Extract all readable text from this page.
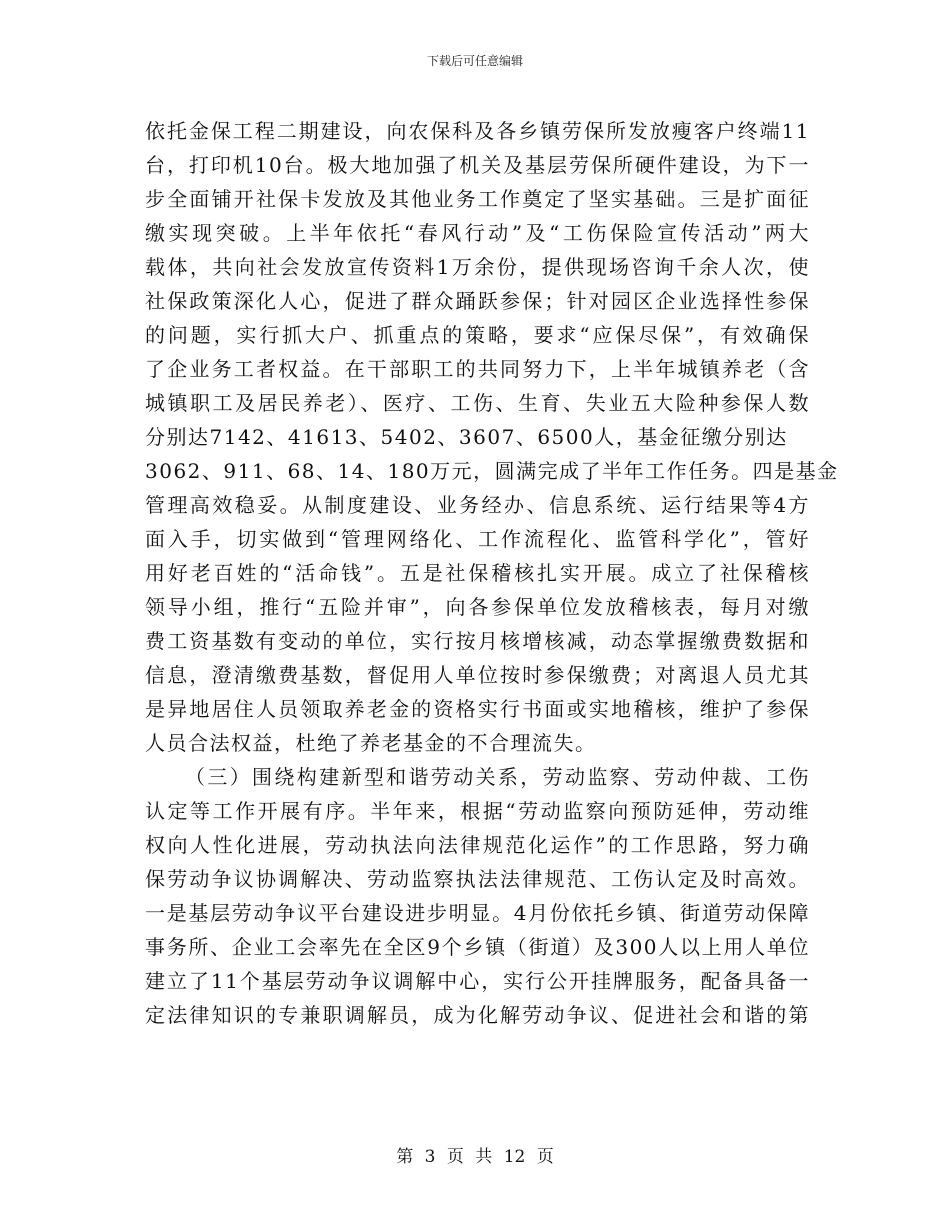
下载后可任意编辑
依托金保工程二期建设，向农保科及各乡镇劳保所发放瘦客户终端11
台，打印机10台。极大地加强了机关及基层劳保所硬件建设，为下一
步全面铺开社保卡发放及其他业务工作奠定了坚实基础。三是扩面征
缴实现突破。上半年依托“春风行动”及“工伤保险宣传活动”两大
载体，共向社会发放宣传资料1万余份，提供现场咨询千余人次，使
社保政策深化人心，促进了群众踊跃参保；针对园区企业选择性参保
的问题，实行抓大户、抓重点的策略，要求“应保尽保”，有效确保
了企业务工者权益。在干部职工的共同努力下，上半年城镇养老（含
城镇职工及居民养老）、医疗、工伤、生育、失业五大险种参保人数
分别达7142、41613、5402、3607、6500人，基金征缴分别达
3062、911、68、14、180万元，圆满完成了半年工作任务。四是基金
管理高效稳妥。从制度建设、业务经办、信息系统、运行结果等4方
面入手，切实做到“管理网络化、工作流程化、监管科学化”，管好
用好老百姓的“活命钱”。五是社保稽核扎实开展。成立了社保稽核
领导小组，推行“五险并审”，向各参保单位发放稽核表，每月对缴
费工资基数有变动的单位，实行按月核增核减，动态掌握缴费数据和
信息，澄清缴费基数，督促用人单位按时参保缴费；对离退人员尤其
是异地居住人员领取养老金的资格实行书面或实地稽核，维护了参保
人员合法权益，杜绝了养老基金的不合理流失。
（三）围绕构建新型和谐劳动关系，劳动监察、劳动仲裁、工伤
认定等工作开展有序。半年来，根据“劳动监察向预防延伸，劳动维
权向人性化进展，劳动执法向法律规范化运作”的工作思路，努力确
保劳动争议协调解决、劳动监察执法法律规范、工伤认定及时高效。
一是基层劳动争议平台建设进步明显。4月份依托乡镇、街道劳动保障
事务所、企业工会率先在全区9个乡镇（街道）及300人以上用人单位
建立了11个基层劳动争议调解中心，实行公开挂牌服务，配备具备一
定法律知识的专兼职调解员，成为化解劳动争议、促进社会和谐的第
第 3 页 共 12 页
